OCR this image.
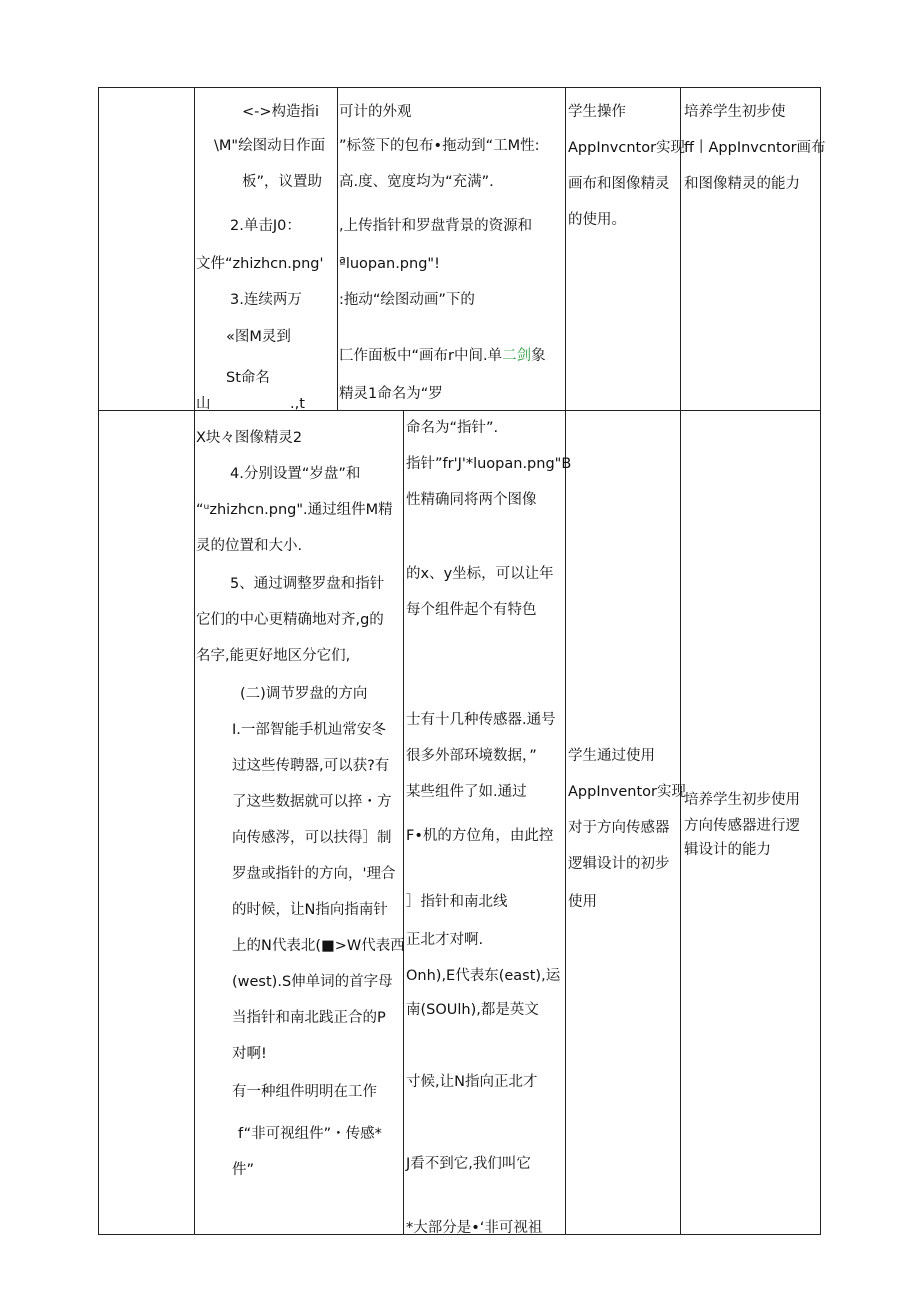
<->构造指i
\M"绘图动日作面
板”，议置助
2.单击J0：
文件“zhizhcn.png'
3.连续两万
«图M灵到
St命名
山	.,t
可计的外观
”标签下的包布•拖动到“工M性:
高.度、宽度均为“充满”.
,上传指针和罗盘背景的资源和
ªluopan.png"!
:拖动“绘图动画”下的
匚作面板中“画布r中间.单二剑象
精灵1命名为“罗
学生操作
AppInvcntor实现
画布和图像精灵
的使用。
培养学生初步使
ff丨AppInvcntor画布
和图像精灵的能力
X块々图像精灵2
4.分别设置“岁盘”和
“ᵘzhizhcn.png".通过组件M精
灵的位置和大小.
5、通过调整罗盘和指针
它们的中心更精确地对齐,g的
名字,能更好地区分它们,
(二)调节罗盘的方向
I.一部智能手机辿常安冬
过这些传聘器,可以获?有
了这些数据就可以捽・方
向传感涔，可以扶得］制
罗盘或指针的方向，'理合
的时候，让N指向指南针
上的N代表北(■>W代表西
(west).S伸单词的首字母
当指针和南北践正合的P
对啊!
有一种组件明明在工作
f“非可视组件”・传感*
件”
命名为“指针”.
指针”fr'J'*luopan.png"B
性精确同将两个图像
的x、y坐标，可以让年
每个组件起个有特色
士有十几种传感器.通号
很多外部环境数据，”
某些组件了如.通过
F•机的方位角，由此控
］指针和南北线
正北才对啊.
Onh),E代表东(east),运
南(SOUlh),都是英文
寸候,让N指向正北才
J看不到它,我们叫它
*大部分是•‘非可视祖
学生通过使用
AppInventor实现
对于方向传感器
逻辑设计的初步
使用
培养学生初步使用
方向传感器进行逻
辑设计的能力
